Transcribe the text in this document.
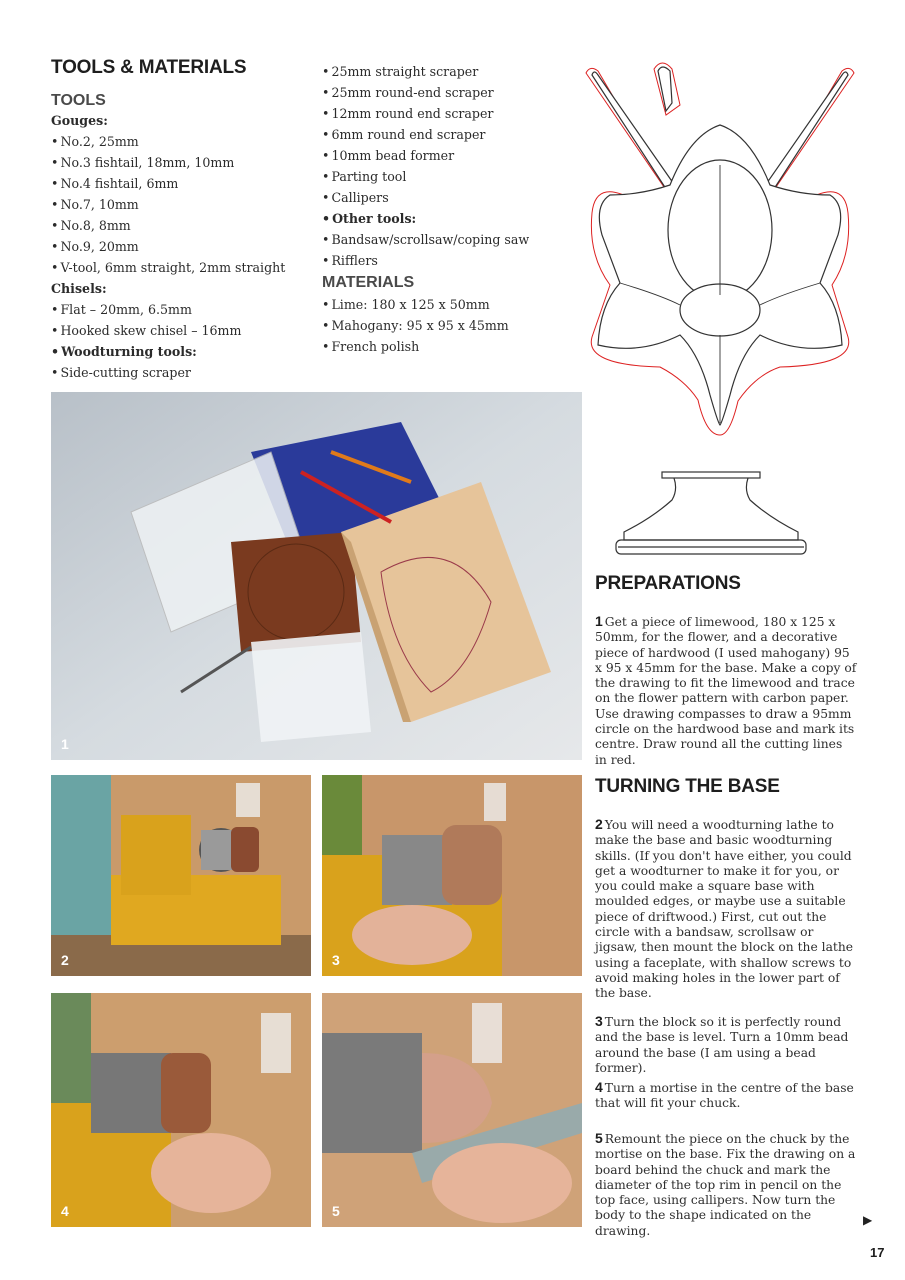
TOOLS & MATERIALS
TOOLS
Gouges:
• No.2, 25mm
• No.3 fishtail, 18mm, 10mm
• No.4 fishtail, 6mm
• No.7, 10mm
• No.8, 8mm
• No.9, 20mm
• V-tool, 6mm straight, 2mm straight
Chisels:
• Flat – 20mm, 6.5mm
• Hooked skew chisel – 16mm
• Woodturning tools:
• Side-cutting scraper
• 25mm straight scraper
• 25mm round-end scraper
• 12mm round end scraper
• 6mm round end scraper
• 10mm bead former
• Parting tool
• Callipers
• Other tools:
• Bandsaw/scrollsaw/coping saw
• Rifflers
MATERIALS
• Lime: 180 x 125 x 50mm
• Mahogany: 95 x 95 x 45mm
• French polish
1
2	3
4	5
PREPARATIONS

1 Get a piece of limewood, 180 x 125 x 50mm, for the flower, and a decorative piece of hardwood (I used mahogany) 95 x 95 x 45mm for the base. Make a copy of the drawing to fit the limewood and trace on the flower pattern with carbon paper. Use drawing compasses to draw a 95mm circle on the hardwood base and mark its centre. Draw round all the cutting lines in red.

TURNING THE BASE

2 You will need a woodturning lathe to make the base and basic woodturning skills. (If you don't have either, you could get a woodturner to make it for you, or you could make a square base with moulded edges, or maybe use a suitable piece of driftwood.) First, cut out the circle with a bandsaw, scrollsaw or jigsaw, then mount the block on the lathe using a faceplate, with shallow screws to avoid making holes in the lower part of the base.

3 Turn the block so it is perfectly round and the base is level. Turn a 10mm bead around the base (I am using a bead former).

4 Turn a mortise in the centre of the base that will fit your chuck.

5 Remount the piece on the chuck by the mortise on the base. Fix the drawing on a board behind the chuck and mark the diameter of the top rim in pencil on the top face, using callipers. Now turn the body to the shape indicated on the drawing.

▶
17
